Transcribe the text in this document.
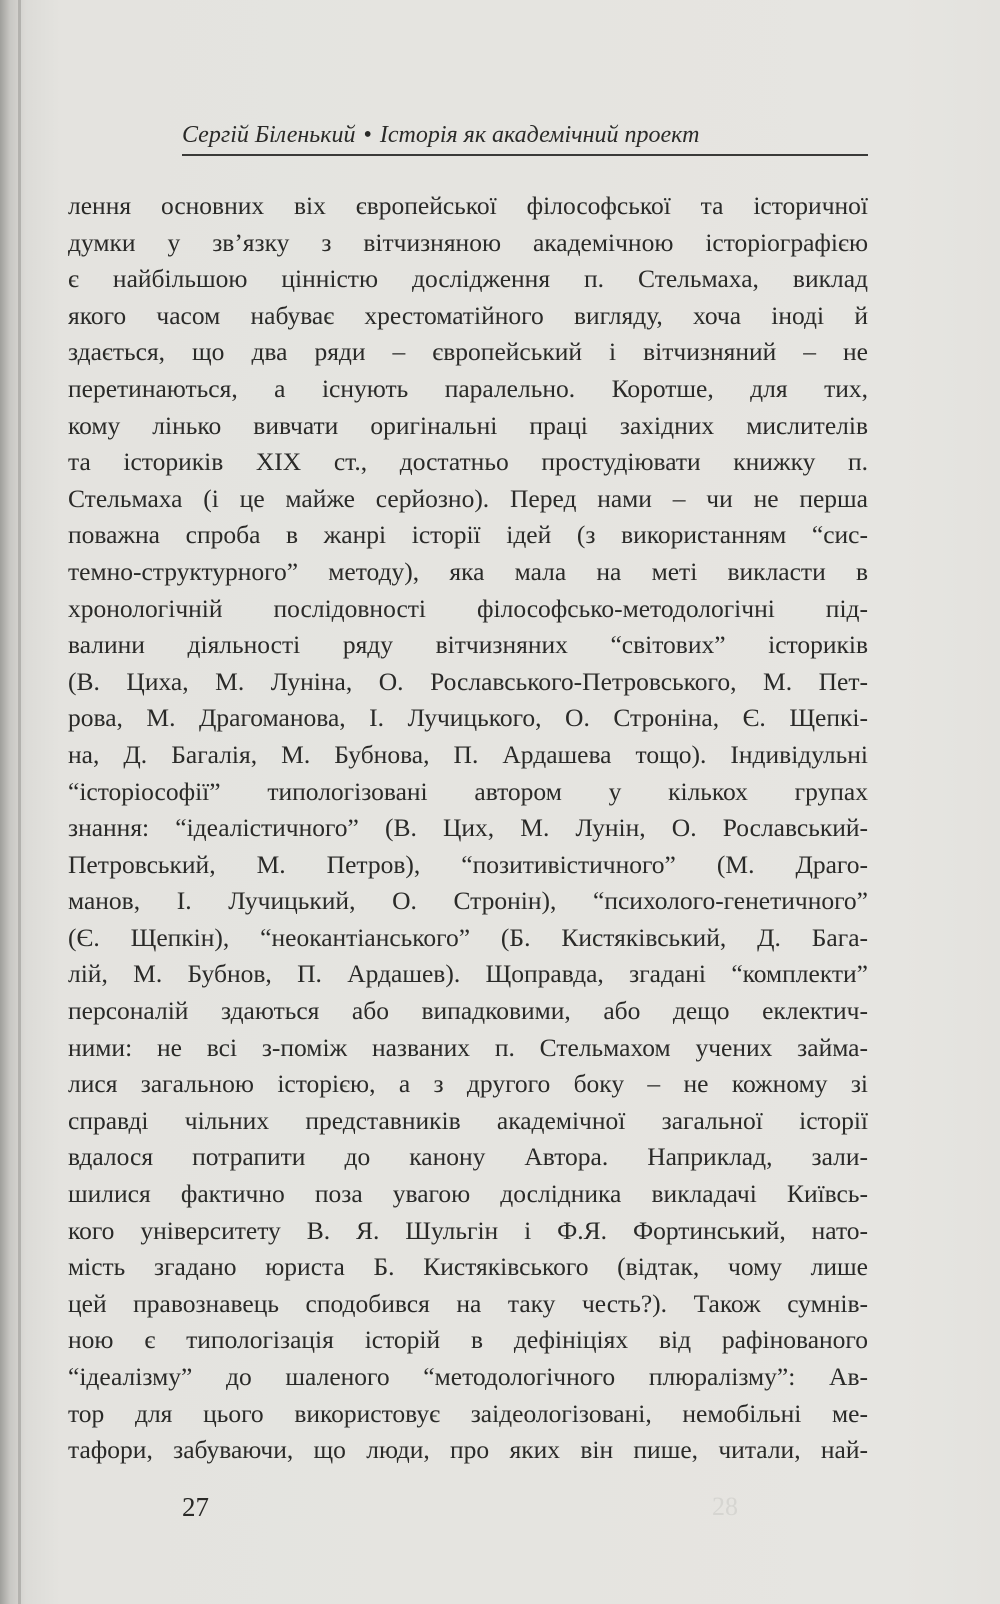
Сергій Біленький • Історія як академічний проект
лення основних віх європейської філософської та історичної
думки у зв’язку з вітчизняною академічною історіографією
є найбільшою цінністю дослідження п. Стельмаха, виклад
якого часом набуває хрестоматійного вигляду, хоча іноді й
здається, що два ряди – європейський і вітчизняний – не
перетинаються, а існують паралельно. Коротше, для тих,
кому лінько вивчати оригінальні праці західних мислителів
та істориків XIX ст., достатньо простудіювати книжку п.
Стельмаха (і це майже серйозно). Перед нами – чи не перша
поважна спроба в жанрі історії ідей (з використанням “сис-
темно-структурного” методу), яка мала на меті викласти в
хронологічній послідовності філософсько-методологічні під-
валини діяльності ряду вітчизняних “світових” істориків
(В. Циха, М. Луніна, О. Рославського-Петровського, М. Пет-
рова, М. Драгоманова, І. Лучицького, О. Строніна, Є. Щепкі-
на, Д. Багалія, М. Бубнова, П. Ардашева тощо). Індивідульні
“історіософії” типологізовані автором у кількох групах
знання: “ідеалістичного” (В. Цих, М. Лунін, О. Рославський-
Петровський, М. Петров), “позитивістичного” (М. Драго-
манов, І. Лучицький, О. Стронін), “психолого-генетичного”
(Є. Щепкін), “неокантіанського” (Б. Кистяківський, Д. Бага-
лій, М. Бубнов, П. Ардашев). Щоправда, згадані “комплекти”
персоналій здаються або випадковими, або дещо еклектич-
ними: не всі з-поміж названих п. Стельмахом учених займа-
лися загальною історією, а з другого боку – не кожному зі
справді чільних представників академічної загальної історії
вдалося потрапити до канону Автора. Наприклад, зали-
шилися фактично поза увагою дослідника викладачі Київсь-
кого університету В. Я. Шульгін і Ф.Я. Фортинський, нато-
мість згадано юриста Б. Кистяківського (відтак, чому лише
цей правознавець сподобився на таку честь?). Також сумнів-
ною є типологізація історій в дефініціях від рафінованого
“ідеалізму” до шаленого “методологічного плюралізму”: Ав-
тор для цього використовує заідеологізовані, немобільні ме-
тафори, забуваючи, що люди, про яких він пише, читали, най-
28
27
